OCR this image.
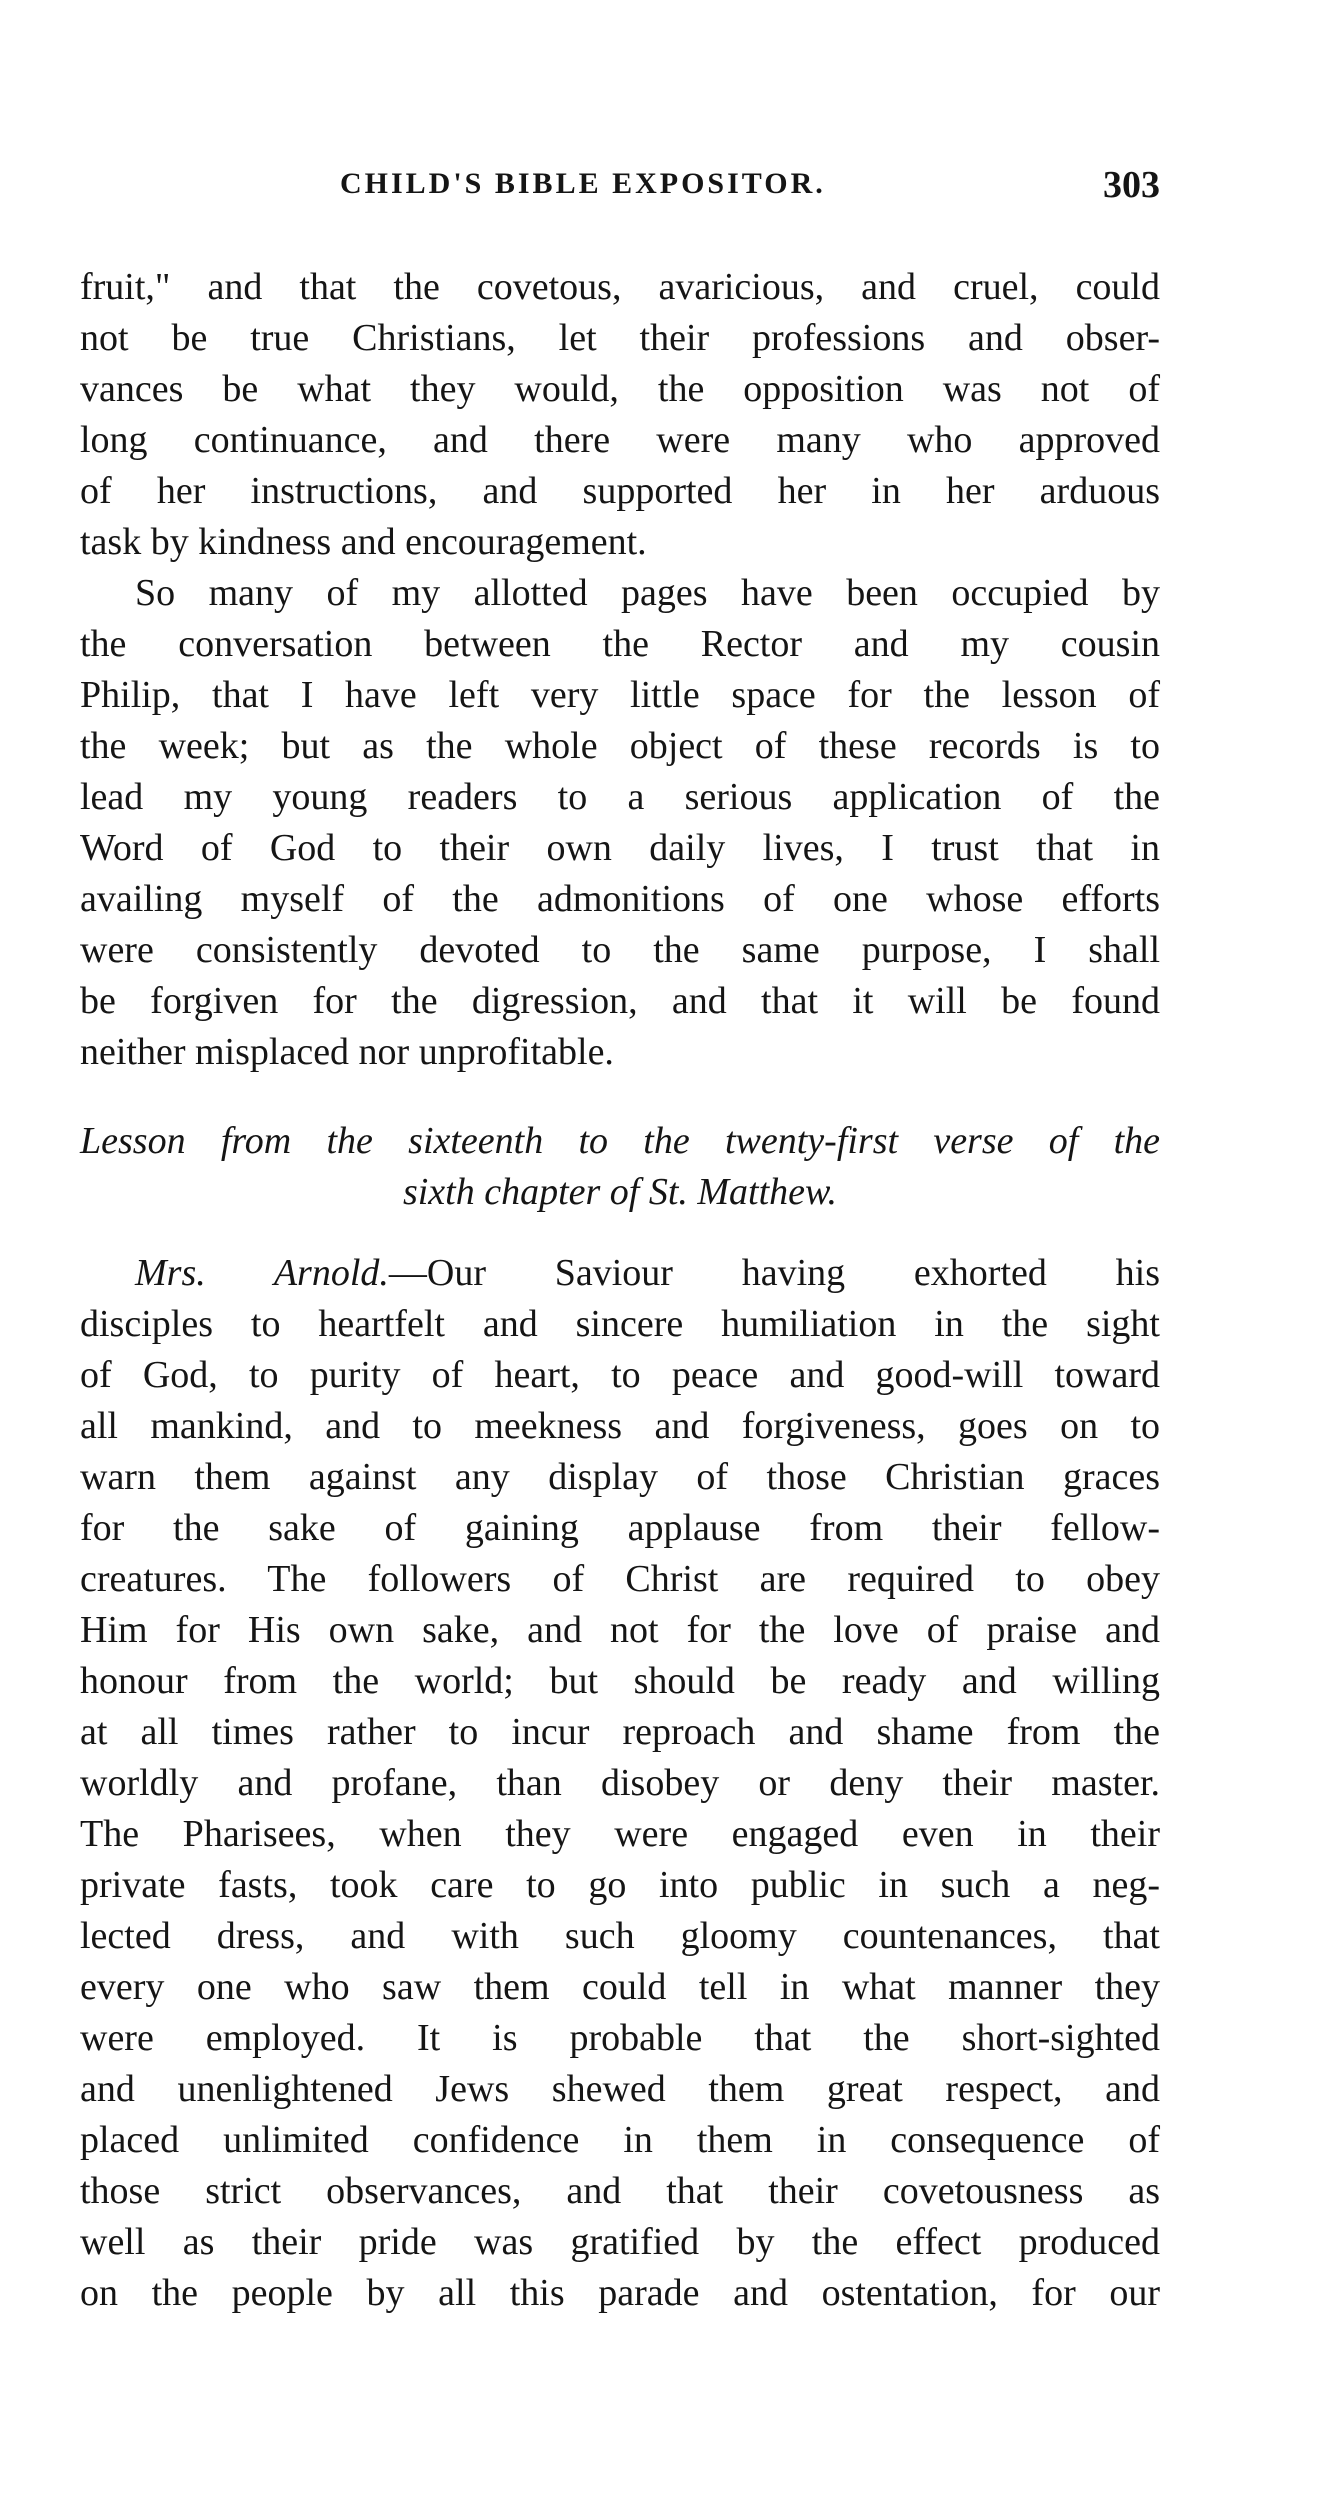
CHILD'S BIBLE EXPOSITOR.	303
fruit," and that the covetous, avaricious, and cruel, could
not be true Christians, let their professions and obser-
vances be what they would, the opposition was not of
long continuance, and there were many who approved
of her instructions, and supported her in her arduous
task by kindness and encouragement.
So many of my allotted pages have been occupied by
the conversation between the Rector and my cousin
Philip, that I have left very little space for the lesson of
the week; but as the whole object of these records is to
lead my young readers to a serious application of the
Word of God to their own daily lives, I trust that in
availing myself of the admonitions of one whose efforts
were consistently devoted to the same purpose, I shall
be forgiven for the digression, and that it will be found
neither misplaced nor unprofitable.
Lesson from the sixteenth to the twenty-first verse of the
sixth chapter of St. Matthew.
Mrs. Arnold.—Our Saviour having exhorted his
disciples to heartfelt and sincere humiliation in the sight
of God, to purity of heart, to peace and good-will toward
all mankind, and to meekness and forgiveness, goes on to
warn them against any display of those Christian graces
for the sake of gaining applause from their fellow-
creatures. The followers of Christ are required to obey
Him for His own sake, and not for the love of praise and
honour from the world; but should be ready and willing
at all times rather to incur reproach and shame from the
worldly and profane, than disobey or deny their master.
The Pharisees, when they were engaged even in their
private fasts, took care to go into public in such a neg-
lected dress, and with such gloomy countenances, that
every one who saw them could tell in what manner they
were employed. It is probable that the short-sighted
and unenlightened Jews shewed them great respect, and
placed unlimited confidence in them in consequence of
those strict observances, and that their covetousness as
well as their pride was gratified by the effect produced
on the people by all this parade and ostentation, for our
